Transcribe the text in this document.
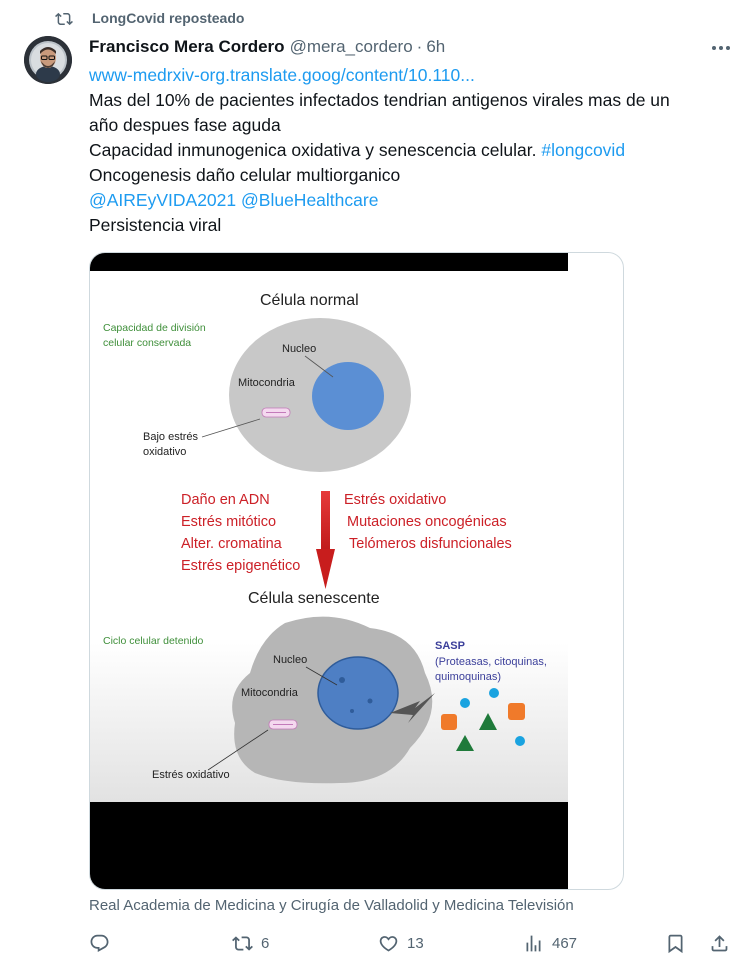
LongCovid reposteado
Francisco Mera Cordero @mera_cordero · 6h
www-medrxiv-org.translate.goog/content/10.110...
Mas del 10% de pacientes infectados tendrian antigenos virales mas de un
año despues fase aguda
Capacidad inmunogenica oxidativa y senescencia celular. #longcovid
Oncogenesis daño celular multiorganico
@AIREyVIDA2021 @BlueHealthcare
Persistencia viral
Célula normal
Capacidad de división
celular conservada	Nucleo
Mitocondria
Bajo estrés
oxidativo
Daño en ADN
Estrés mitótico
Alter. cromatina
Estrés epigenético
Estrés oxidativo
Mutaciones oncogénicas
Telómeros disfuncionales
Célula senescente
Ciclo celular detenido
Nucleo
Mitocondria
Estrés oxidativo
SASP
(Proteasas, citoquinas,
quimoquinas)
Real Academia de Medicina y Cirugía de Valladolid y Medicina Televisión
6	13	467
